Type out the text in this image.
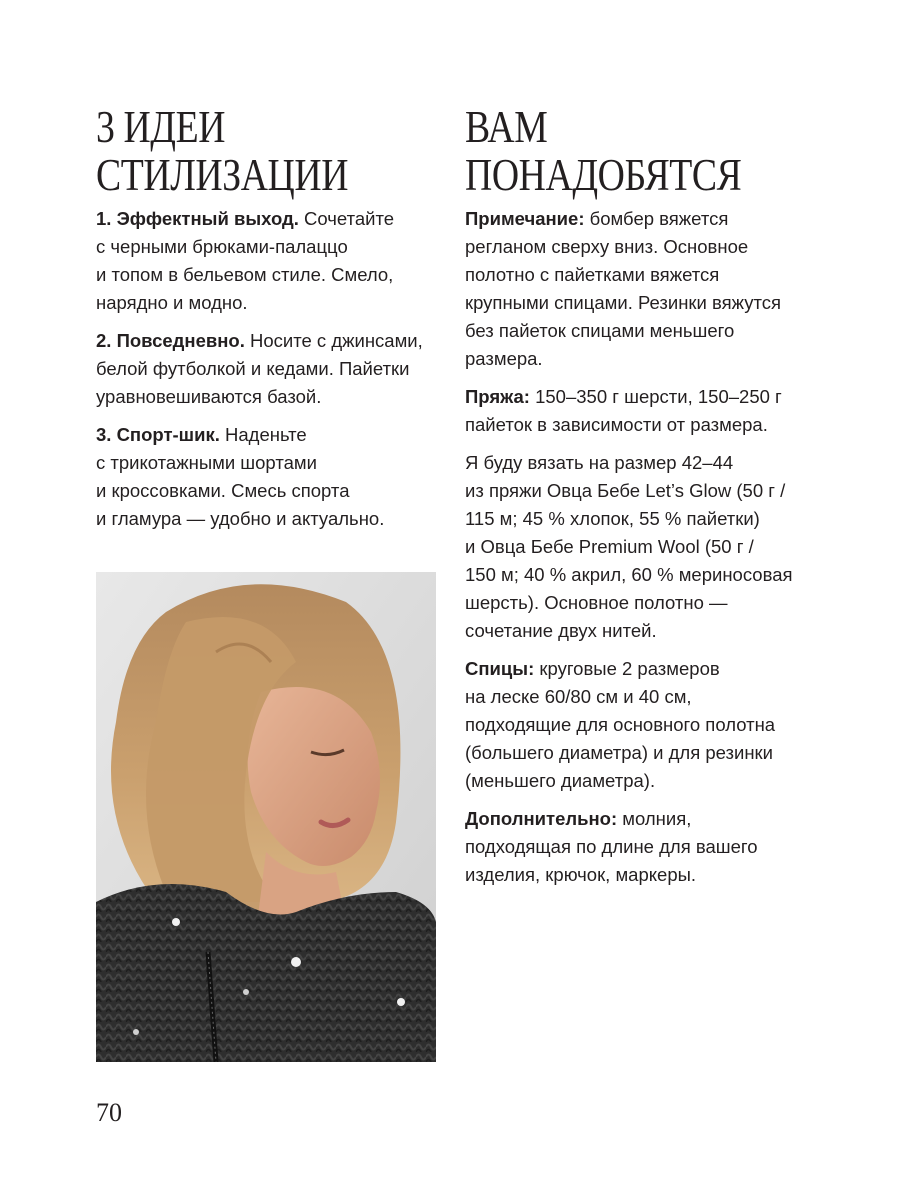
3 ИДЕИ
СТИЛИЗАЦИИ
ВАМ
ПОНАДОБЯТСЯ

1. Эффектный выход. Сочетайте
с черными брюками-палаццо
и топом в бельевом стиле. Смело,
нарядно и модно.

2. Повседневно. Носите с джинсами,
белой футболкой и кедами. Пайетки
уравновешиваются базой.

3. Спорт-шик. Наденьте
с трикотажными шортами
и кроссовками. Смесь спорта
и гламура — удобно и актуально.

Примечание: бомбер вяжется
регланом сверху вниз. Основное
полотно с пайетками вяжется
крупными спицами. Резинки вяжутся
без пайеток спицами меньшего
размера.

Пряжа: 150–350 г шерсти, 150–250 г
пайеток в зависимости от размера.

Я буду вязать на размер 42–44
из пряжи Овца Бебе Let’s Glow (50 г /
115 м; 45 % хлопок, 55 % пайетки)
и Овца Бебе Premium Wool (50 г /
150 м; 40 % акрил, 60 % мериносовая
шерсть). Основное полотно —
сочетание двух нитей.

Спицы: круговые 2 размеров
на леске 60/80 см и 40 см,
подходящие для основного полотна
(большего диаметра) и для резинки
(меньшего диаметра).

Дополнительно: молния,
подходящая по длине для вашего
изделия, крючок, маркеры.

70
